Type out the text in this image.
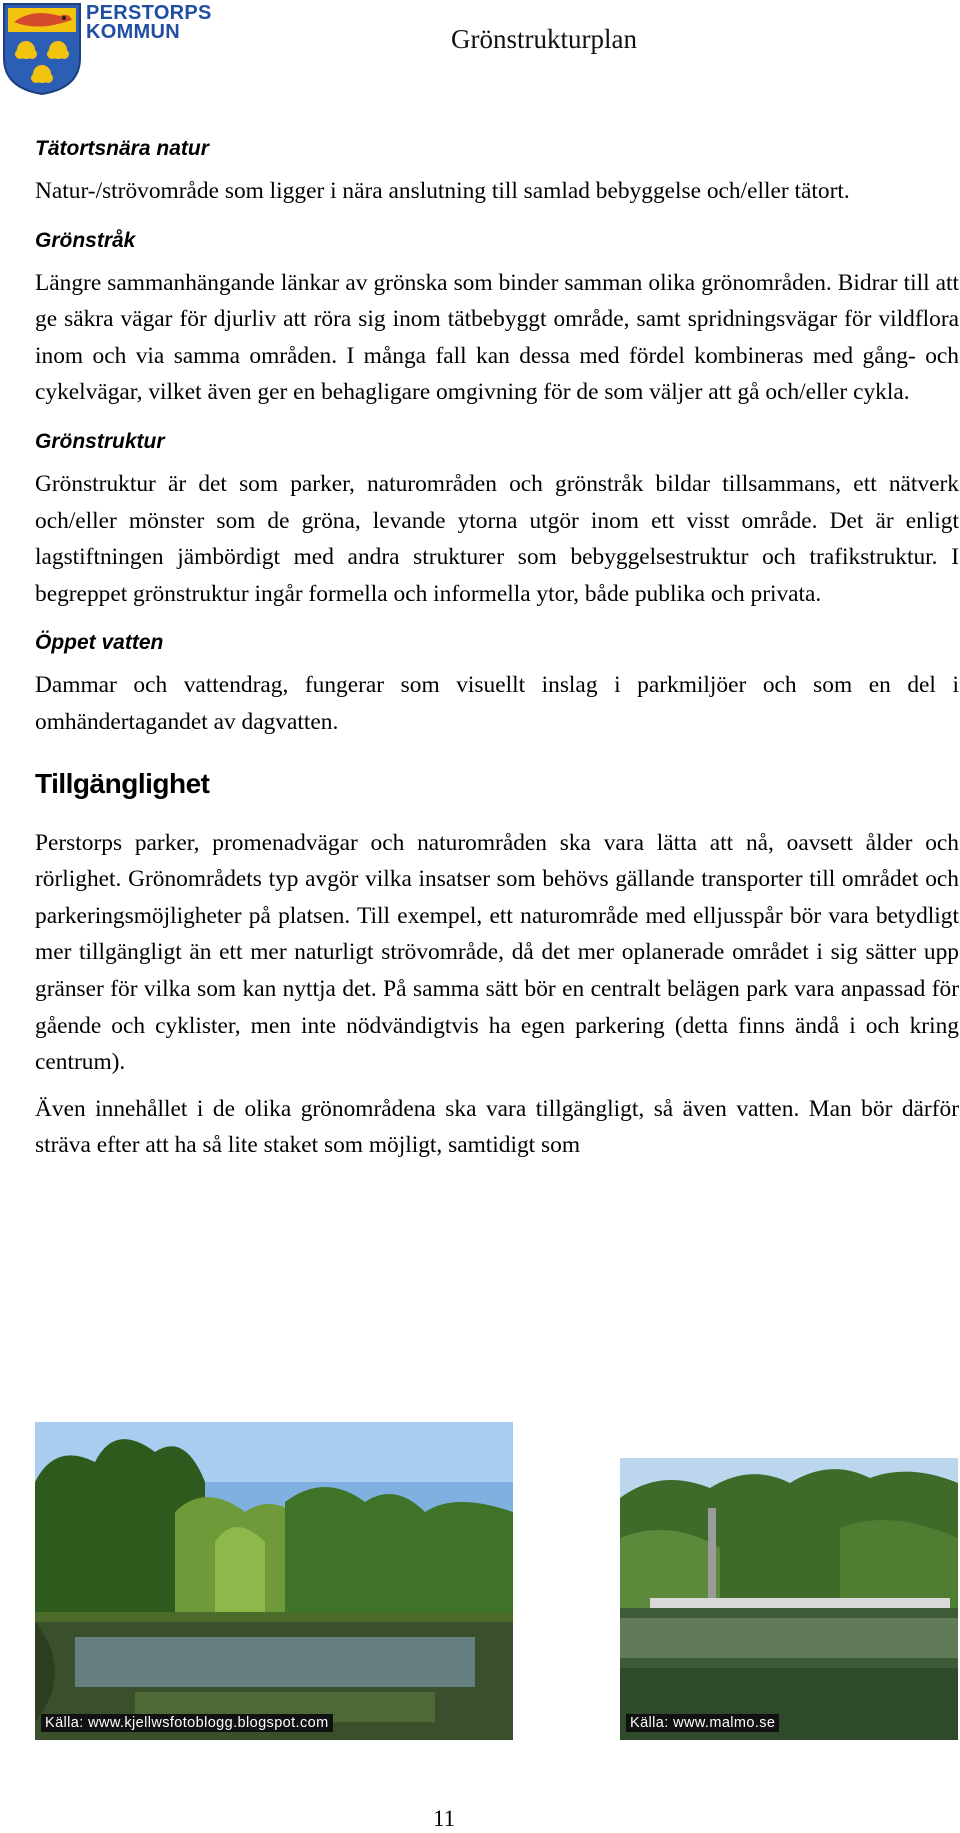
PERSTORPS
KOMMUN	Grönstrukturplan
Tätortsnära natur

Natur-/strövområde som ligger i nära anslutning till samlad bebyggelse och/eller tätort.

Grönstråk

Längre sammanhängande länkar av grönska som binder samman olika grönområden. Bidrar till att ge säkra vägar för djurliv att röra sig inom tätbebyggt område, samt spridningsvägar för vildflora inom och via samma områden. I många fall kan dessa med fördel kombineras med gång- och cykelvägar, vilket även ger en behagligare omgivning för de som väljer att gå och/eller cykla.

Grönstruktur

Grönstruktur är det som parker, naturområden och grönstråk bildar tillsammans, ett nätverk och/eller mönster som de gröna, levande ytorna utgör inom ett visst område. Det är enligt lagstiftningen jämbördigt med andra strukturer som bebyggelsestruktur och trafikstruktur. I begreppet grönstruktur ingår formella och informella ytor, både publika och privata.

Öppet vatten

Dammar och vattendrag, fungerar som visuellt inslag i parkmiljöer och som en del i omhändertagandet av dagvatten.

Tillgänglighet

Perstorps parker, promenadvägar och naturområden ska vara lätta att nå, oavsett ålder och rörlighet. Grönområdets typ avgör vilka insatser som behövs gällande transporter till området och parkeringsmöjligheter på platsen. Till exempel, ett naturområde med elljusspår bör vara betydligt mer tillgängligt än ett mer naturligt strövområde, då det mer oplanerade området i sig sätter upp gränser för vilka som kan nyttja det. På samma sätt bör en centralt belägen park vara anpassad för gående och cyklister, men inte nödvändigtvis ha egen parkering (detta finns ändå i och kring centrum).

Även innehållet i de olika grönområdena ska vara tillgängligt, så även vatten. Man bör därför sträva efter att ha så lite staket som möjligt, samtidigt som

Källa: www.kjellwsfotoblogg.blogspot.com	Källa: www.malmo.se
11
